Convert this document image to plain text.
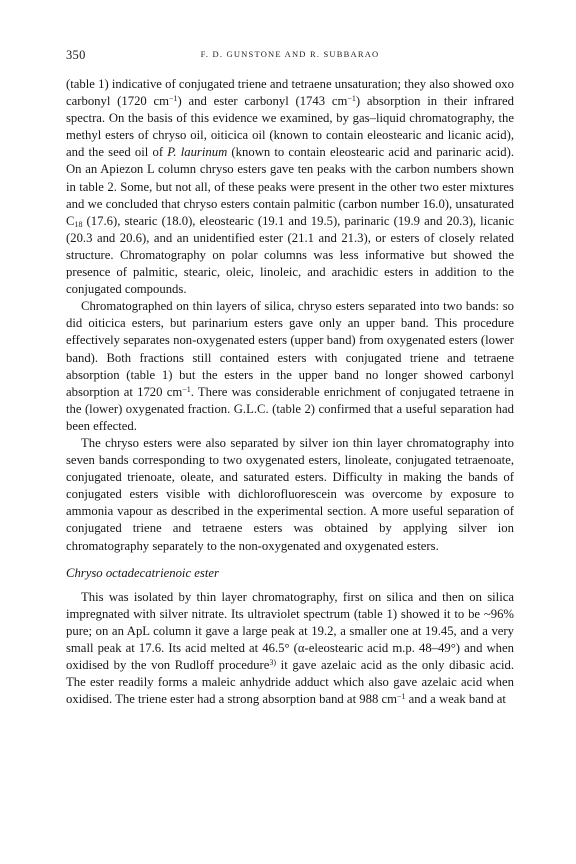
350	F. D. GUNSTONE AND R. SUBBARAO

(table 1) indicative of conjugated triene and tetraene unsaturation; they also showed oxo carbonyl (1720 $cm^{-1}$) and ester carbonyl (1743 $cm^{-1}$) absorption in their infrared spectra. On the basis of this evidence we examined, by gas–liquid chromatography, the methyl esters of chryso oil, oiticica oil (known to contain eleostearic and licanic acid), and the seed oil of P. laurinum (known to contain eleostearic acid and parinaric acid). On an Apiezon L column chryso esters gave ten peaks with the carbon numbers shown in table 2. Some, but not all, of these peaks were present in the other two ester mixtures and we concluded that chryso esters contain palmitic (carbon number 16.0), unsaturated $C_{18}$ (17.6), stearic (18.0), eleostearic (19.1 and 19.5), parinaric (19.9 and 20.3), licanic (20.3 and 20.6), and an unidentified ester (21.1 and 21.3), or esters of closely related structure. Chromatography on polar columns was less informative but showed the presence of palmitic, stearic, oleic, linoleic, and arachidic esters in addition to the conjugated compounds.

Chromatographed on thin layers of silica, chryso esters separated into two bands: so did oiticica esters, but parinarium esters gave only an upper band. This procedure effectively separates non-oxygenated esters (upper band) from oxygenated esters (lower band). Both fractions still contained esters with conjugated triene and tetraene absorption (table 1) but the esters in the upper band no longer showed carbonyl absorption at 1720 $cm^{-1}$. There was considerable enrichment of conjugated tetraene in the (lower) oxygenated fraction. G.L.C. (table 2) confirmed that a useful separation had been effected.

The chryso esters were also separated by silver ion thin layer chromatography into seven bands corresponding to two oxygenated esters, linoleate, conjugated tetraenoate, conjugated trienoate, oleate, and saturated esters. Difficulty in making the bands of conjugated esters visible with dichlorofluorescein was overcome by exposure to ammonia vapour as described in the experimental section. A more useful separation of conjugated triene and tetraene esters was obtained by applying silver ion chromatography separately to the non-oxygenated and oxygenated esters.

Chryso octadecatrienoic ester

This was isolated by thin layer chromatography, first on silica and then on silica impregnated with silver nitrate. Its ultraviolet spectrum (table 1) showed it to be ~96% pure; on an ApL column it gave a large peak at 19.2, a smaller one at 19.45, and a very small peak at 17.6. Its acid melted at 46.5° (α-eleostearic acid m.p. 48–49°) and when oxidised by the von Rudloff procedure$^{3)}$ it gave azelaic acid as the only dibasic acid. The ester readily forms a maleic anhydride adduct which also gave azelaic acid when oxidised. The triene ester had a strong absorption band at 988 $cm^{-1}$ and a weak band at
